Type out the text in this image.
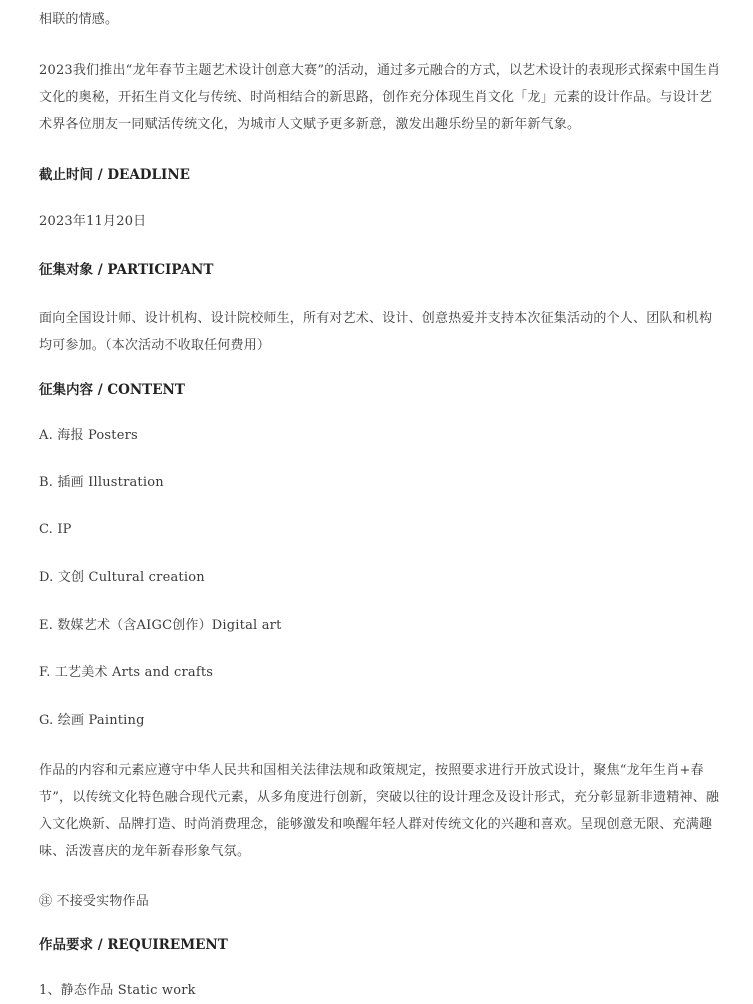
相联的情感。

2023我们推出“龙年春节主题艺术设计创意大赛”的活动，通过多元融合的方式，以艺术设计的表现形式探索中国生肖文化的奥秘，开拓生肖文化与传统、时尚相结合的新思路，创作充分体现生肖文化「龙」元素的设计作品。与设计艺术界各位朋友一同赋活传统文化，为城市人文赋予更多新意，激发出趣乐纷呈的新年新气象。

截止时间 / DEADLINE

2023年11月20日

征集对象 / PARTICIPANT

面向全国设计师、设计机构、设计院校师生，所有对艺术、设计、创意热爱并支持本次征集活动的个人、团队和机构均可参加。（本次活动不收取任何费用）

征集内容 / CONTENT

A. 海报 Posters

B. 插画 Illustration

C. IP

D. 文创 Cultural creation

E. 数媒艺术（含AIGC创作）Digital art

F. 工艺美术 Arts and crafts

G. 绘画 Painting

作品的内容和元素应遵守中华人民共和国相关法律法规和政策规定，按照要求进行开放式设计，聚焦“龙年生肖+春节”，以传统文化特色融合现代元素，从多角度进行创新，突破以往的设计理念及设计形式，充分彰显新非遗精神、融入文化焕新、品牌打造、时尚消费理念，能够激发和唤醒年轻人群对传统文化的兴趣和喜欢。呈现创意无限、充满趣味、活泼喜庆的龙年新春形象气氛。

㊟ 不接受实物作品

作品要求 / REQUIREMENT

1、静态作品 Static work
